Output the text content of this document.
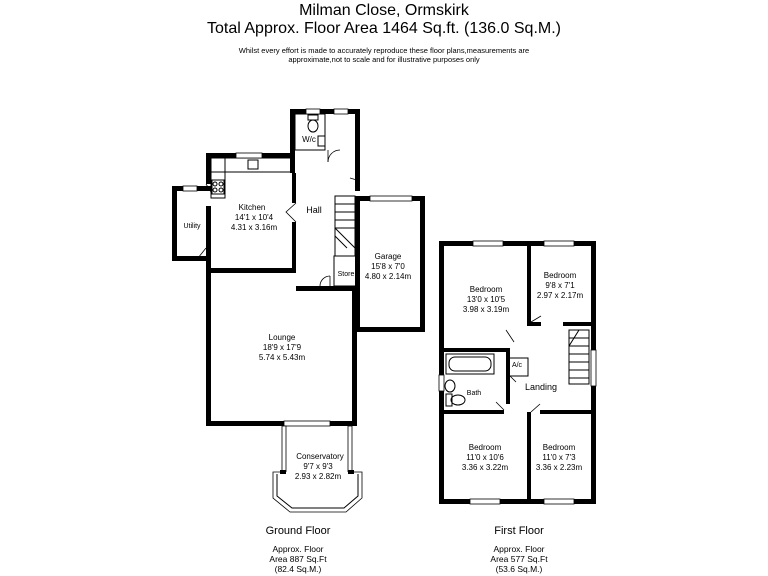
Milman Close, Ormskirk
Total Approx. Floor Area 1464 Sq.ft. (136.0 Sq.M.)
Whilst every effort is made to accurately reproduce these floor plans,measurements are
approximate,not to scale and for illustrative purposes only
W/c
Hall
Kitchen
14'1 x 10'4
4.31 x 3.16m
Utility
Garage
15'8 x 7'0
4.80 x 2.14m
Store
Lounge
18'9 x 17'9
5.74 x 5.43m
Conservatory
9'7 x 9'3
2.93 x 2.82m
Bedroom
13'0 x 10'5
3.98 x 3.19m
Bedroom
9'8 x 7'1
2.97 x 2.17m
A/c
Bath
Landing
Bedroom
11'0 x 10'6
3.36 x 3.22m
Bedroom
11'0 x 7'3
3.36 x 2.23m
Ground Floor
Approx. Floor
Area 887 Sq.Ft
(82.4 Sq.M.)
First Floor
Approx. Floor
Area 577 Sq.Ft
(53.6 Sq.M.)
